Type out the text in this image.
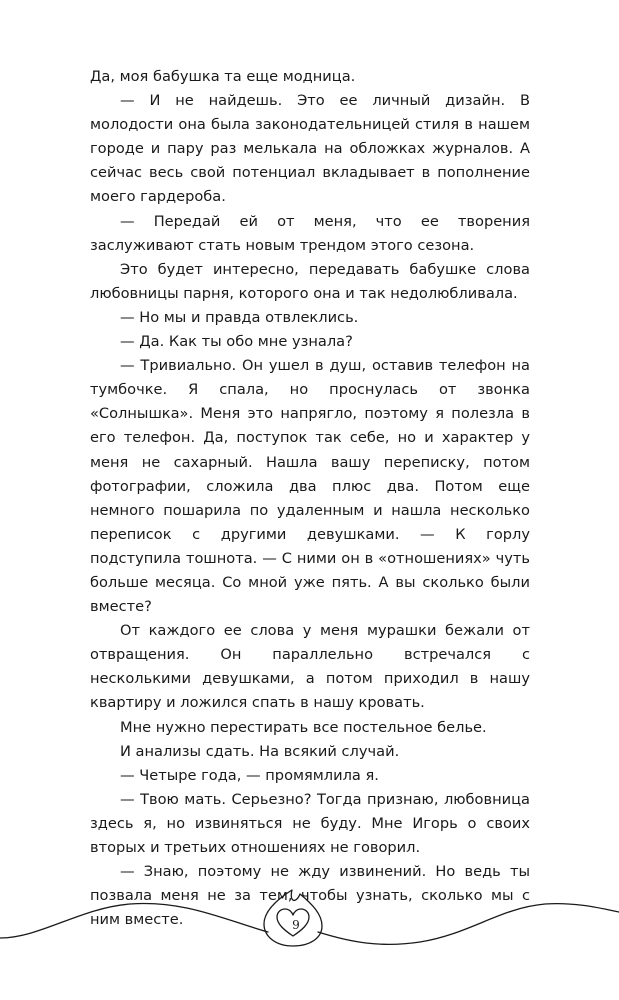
Да, моя бабушка та еще модница.

— И не найдешь. Это ее личный дизайн. В молодости она была законодательницей стиля в нашем городе и пару раз мелькала на обложках журналов. А сейчас весь свой потенциал вкладывает в пополнение моего гардероба.

— Передай ей от меня, что ее творения заслуживают стать новым трендом этого сезона.

Это будет интересно, передавать бабушке слова любовницы парня, которого она и так недолюбливала.

— Но мы и правда отвлеклись.

— Да. Как ты обо мне узнала?

— Тривиально. Он ушел в душ, оставив телефон на тумбочке. Я спала, но проснулась от звонка «Солнышка». Меня это напрягло, поэтому я полезла в его телефон. Да, поступок так себе, но и характер у меня не сахарный. Нашла вашу переписку, потом фотографии, сложила два плюс два. Потом еще немного пошарила по удаленным и нашла несколько переписок с другими девушками. — К горлу подступила тошнота. — С ними он в «отношениях» чуть больше месяца. Со мной уже пять. А вы сколько были вместе?

От каждого ее слова у меня мурашки бежали от отвращения. Он параллельно встречался с несколькими девушками, а потом приходил в нашу квартиру и ложился спать в нашу кровать.

Мне нужно перестирать все постельное белье.

И анализы сдать. На всякий случай.

— Четыре года, — промямлила я.

— Твою мать. Серьезно? Тогда признаю, любовница здесь я, но извиняться не буду. Мне Игорь о своих вторых и третьих отношениях не говорил.

— Знаю, поэтому не жду извинений. Но ведь ты позвала меня не за тем, чтобы узнать, сколько мы с ним вместе.	9
